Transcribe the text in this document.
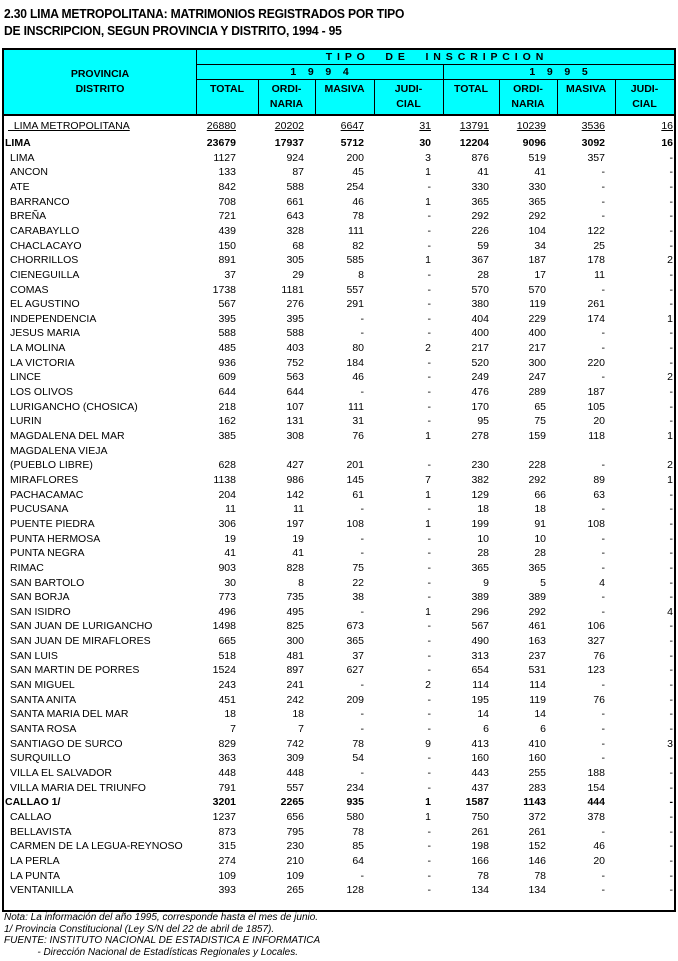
2.30 LIMA METROPOLITANA: MATRIMONIOS REGISTRADOS POR TIPO
DE INSCRIPCION, SEGUN PROVINCIA Y DISTRITO, 1994 - 95
PROVINCIA
DISTRITO
T I P O     D E     I N S C R I P C I O N
1    9    9    4	1    9    9    5
TOTAL	ORDI-
NARIA
MASIVA	JUDI-
CIAL
TOTAL	ORDI-
NARIA
MASIVA	JUDI-
CIAL
LIMA METROPOLITANA	26880	20202	6647	31	13791	10239	3536	16
LIMA	23679	17937	5712	30	12204	9096	3092	16
LIMA	1127	924	200	3	876	519	357	-
ANCON	133	87	45	1	41	41	-	-
ATE	842	588	254	-	330	330	-	-
BARRANCO	708	661	46	1	365	365	-	-
BREÑA	721	643	78	-	292	292	-	-
CARABAYLLO	439	328	111	-	226	104	122	-
CHACLACAYO	150	68	82	-	59	34	25	-
CHORRILLOS	891	305	585	1	367	187	178	2
CIENEGUILLA	37	29	8	-	28	17	11	-
COMAS	1738	1181	557	-	570	570	-	-
EL AGUSTINO	567	276	291	-	380	119	261	-
INDEPENDENCIA	395	395	-	-	404	229	174	1
JESUS MARIA	588	588	-	-	400	400	-	-
LA MOLINA	485	403	80	2	217	217	-	-
LA VICTORIA	936	752	184	-	520	300	220	-
LINCE	609	563	46	-	249	247	-	2
LOS OLIVOS	644	644	-	-	476	289	187	-
LURIGANCHO (CHOSICA)	218	107	111	-	170	65	105	-
LURIN	162	131	31	-	95	75	20	-
MAGDALENA DEL MAR	385	308	76	1	278	159	118	1
MAGDALENA VIEJA
(PUEBLO LIBRE)	628	427	201	-	230	228	-	2
MIRAFLORES	1138	986	145	7	382	292	89	1
PACHACAMAC	204	142	61	1	129	66	63	-
PUCUSANA	11	11	-	-	18	18	-	-
PUENTE PIEDRA	306	197	108	1	199	91	108	-
PUNTA HERMOSA	19	19	-	-	10	10	-	-
PUNTA NEGRA	41	41	-	-	28	28	-	-
RIMAC	903	828	75	-	365	365	-	-
SAN BARTOLO	30	8	22	-	9	5	4	-
SAN BORJA	773	735	38	-	389	389	-	-
SAN ISIDRO	496	495	-	1	296	292	-	4
SAN JUAN DE LURIGANCHO	1498	825	673	-	567	461	106	-
SAN JUAN DE MIRAFLORES	665	300	365	-	490	163	327	-
SAN LUIS	518	481	37	-	313	237	76	-
SAN MARTIN DE PORRES	1524	897	627	-	654	531	123	-
SAN MIGUEL	243	241	-	2	114	114	-	-
SANTA ANITA	451	242	209	-	195	119	76	-
SANTA MARIA DEL MAR	18	18	-	-	14	14	-	-
SANTA ROSA	7	7	-	-	6	6	-	-
SANTIAGO DE SURCO	829	742	78	9	413	410	-	3
SURQUILLO	363	309	54	-	160	160	-	-
VILLA EL SALVADOR	448	448	-	-	443	255	188	-
VILLA MARIA DEL TRIUNFO	791	557	234	-	437	283	154	-
CALLAO 1/	3201	2265	935	1	1587	1143	444	-
CALLAO	1237	656	580	1	750	372	378	-
BELLAVISTA	873	795	78	-	261	261	-	-
CARMEN DE LA LEGUA-REYNOSO	315	230	85	-	198	152	46	-
LA PERLA	274	210	64	-	166	146	20	-
LA PUNTA	109	109	-	-	78	78	-	-
VENTANILLA	393	265	128	-	134	134	-	-
Nota: La información del año 1995, corresponde hasta el mes de junio.
1/ Provincia Constitucional (Ley S/N del 22 de abril de 1857).
FUENTE: INSTITUTO NACIONAL DE ESTADISTICA E INFORMATICA
- Dirección Nacional de Estadísticas Regionales y Locales.
